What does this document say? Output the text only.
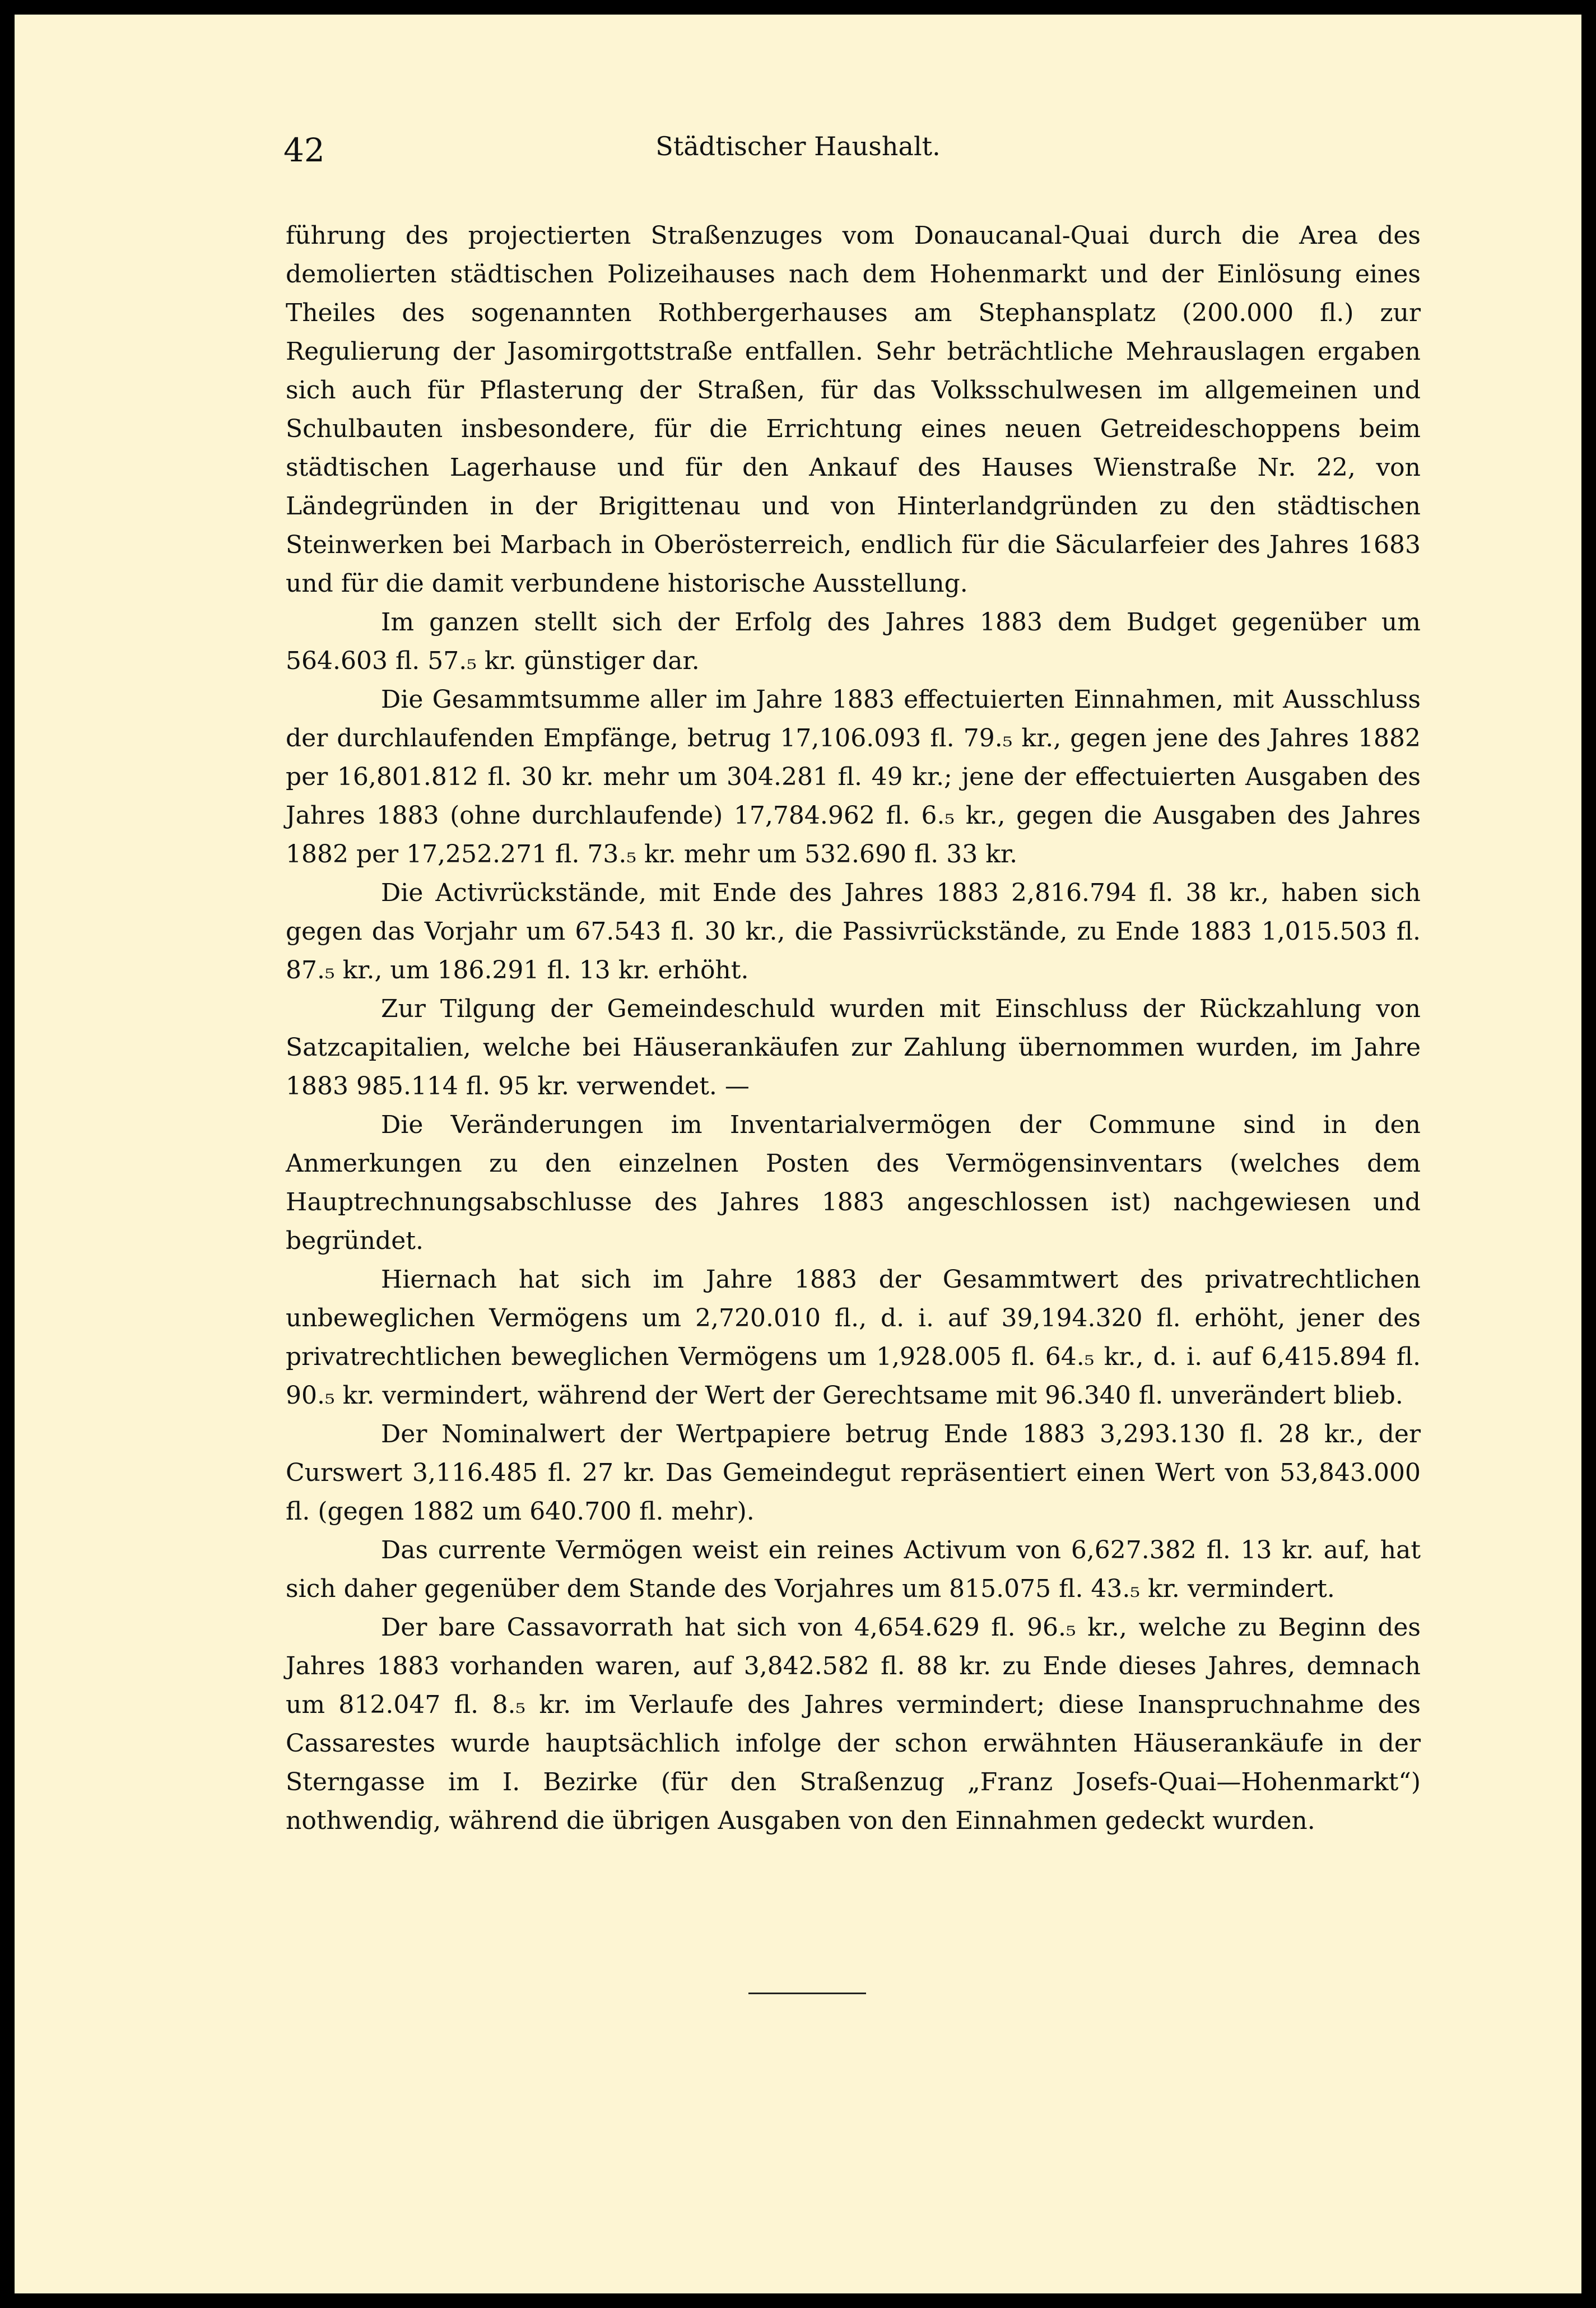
42	Städtischer Haushalt.

führung des projectierten Straßenzuges vom Donaucanal-Quai durch die Area des demolierten städtischen Polizeihauses nach dem Hohenmarkt und der Einlösung eines Theiles des sogenannten Rothbergerhauses am Stephansplatz (200.000 fl.) zur Regulierung der Jasomirgottstraße entfallen. Sehr beträchtliche Mehrauslagen ergaben sich auch für Pflasterung der Straßen, für das Volksschulwesen im allgemeinen und Schulbauten insbesondere, für die Errichtung eines neuen Getreideschoppens beim städtischen Lagerhause und für den Ankauf des Hauses Wienstraße Nr. 22, von Ländegründen in der Brigittenau und von Hinterlandgründen zu den städtischen Steinwerken bei Marbach in Oberösterreich, endlich für die Säcularfeier des Jahres 1683 und für die damit verbundene historische Ausstellung.

Im ganzen stellt sich der Erfolg des Jahres 1883 dem Budget gegenüber um 564.603 fl. 57.₅ kr. günstiger dar.

Die Gesammtsumme aller im Jahre 1883 effectuierten Einnahmen, mit Ausschluss der durchlaufenden Empfänge, betrug 17,106.093 fl. 79.₅ kr., gegen jene des Jahres 1882 per 16,801.812 fl. 30 kr. mehr um 304.281 fl. 49 kr.; jene der effectuierten Ausgaben des Jahres 1883 (ohne durchlaufende) 17,784.962 fl. 6.₅ kr., gegen die Ausgaben des Jahres 1882 per 17,252.271 fl. 73.₅ kr. mehr um 532.690 fl. 33 kr.

Die Activrückstände, mit Ende des Jahres 1883 2,816.794 fl. 38 kr., haben sich gegen das Vorjahr um 67.543 fl. 30 kr., die Passivrückstände, zu Ende 1883 1,015.503 fl. 87.₅ kr., um 186.291 fl. 13 kr. erhöht.

Zur Tilgung der Gemeindeschuld wurden mit Einschluss der Rückzahlung von Satzcapitalien, welche bei Häuserankäufen zur Zahlung übernommen wurden, im Jahre 1883 985.114 fl. 95 kr. verwendet. —

Die Veränderungen im Inventarialvermögen der Commune sind in den Anmerkungen zu den einzelnen Posten des Vermögensinventars (welches dem Hauptrechnungsabschlusse des Jahres 1883 angeschlossen ist) nachgewiesen und begründet.

Hiernach hat sich im Jahre 1883 der Gesammtwert des privatrechtlichen unbeweglichen Vermögens um 2,720.010 fl., d. i. auf 39,194.320 fl. erhöht, jener des privatrechtlichen beweglichen Vermögens um 1,928.005 fl. 64.₅ kr., d. i. auf 6,415.894 fl. 90.₅ kr. vermindert, während der Wert der Gerechtsame mit 96.340 fl. unverändert blieb.

Der Nominalwert der Wertpapiere betrug Ende 1883 3,293.130 fl. 28 kr., der Curswert 3,116.485 fl. 27 kr. Das Gemeindegut repräsentiert einen Wert von 53,843.000 fl. (gegen 1882 um 640.700 fl. mehr).

Das currente Vermögen weist ein reines Activum von 6,627.382 fl. 13 kr. auf, hat sich daher gegenüber dem Stande des Vorjahres um 815.075 fl. 43.₅ kr. vermindert.

Der bare Cassavorrath hat sich von 4,654.629 fl. 96.₅ kr., welche zu Beginn des Jahres 1883 vorhanden waren, auf 3,842.582 fl. 88 kr. zu Ende dieses Jahres, demnach um 812.047 fl. 8.₅ kr. im Verlaufe des Jahres vermindert; diese Inanspruchnahme des Cassarestes wurde hauptsächlich infolge der schon erwähnten Häuserankäufe in der Sterngasse im I. Bezirke (für den Straßenzug „Franz Josefs-Quai—Hohenmarkt“) nothwendig, während die übrigen Ausgaben von den Einnahmen gedeckt wurden.
